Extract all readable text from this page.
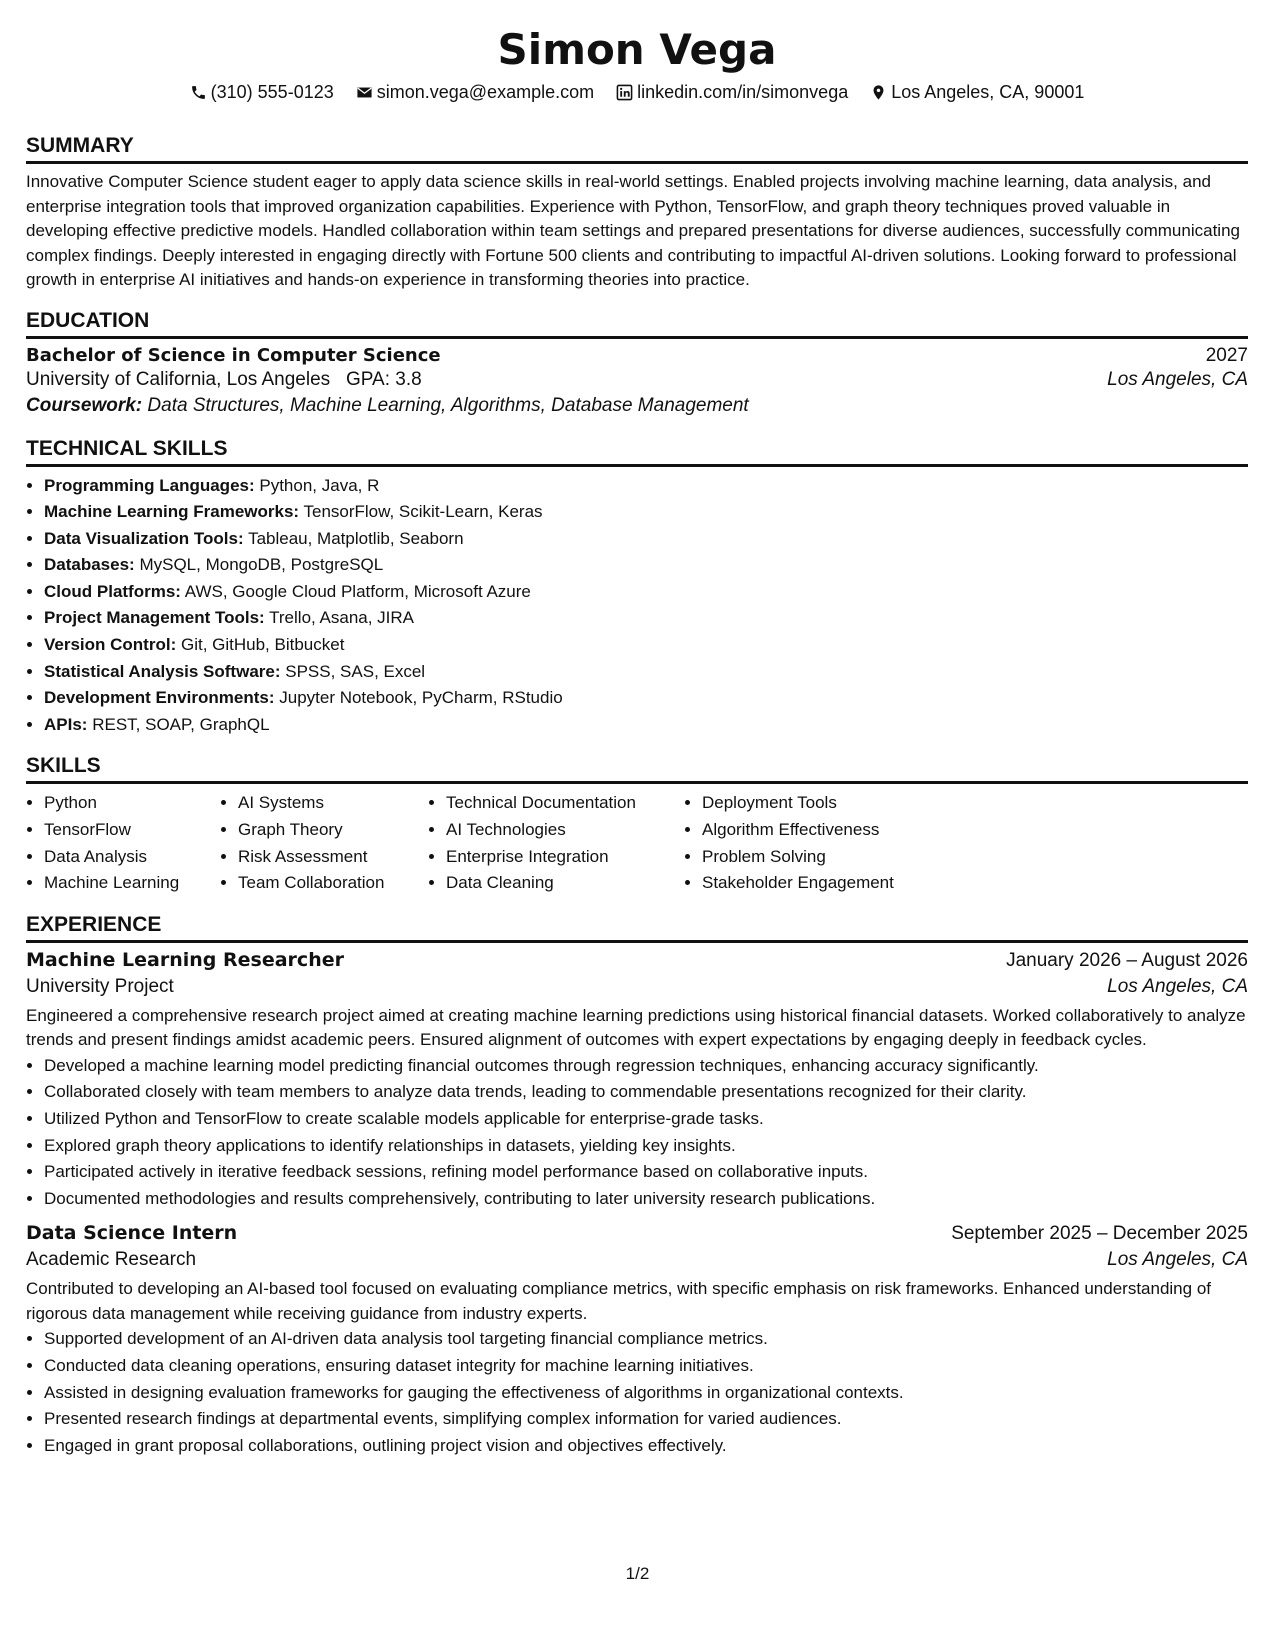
Simon Vega
(310) 555-0123 simon.vega@example.com linkedin.com/in/simonvega Los Angeles, CA, 90001
SUMMARY
Innovative Computer Science student eager to apply data science skills in real-world settings. Enabled projects involving machine learning, data analysis, and enterprise integration tools that improved organization capabilities. Experience with Python, TensorFlow, and graph theory techniques proved valuable in developing effective predictive models. Handled collaboration within team settings and prepared presentations for diverse audiences, successfully communicating complex findings. Deeply interested in engaging directly with Fortune 500 clients and contributing to impactful AI-driven solutions. Looking forward to professional growth in enterprise AI initiatives and hands-on experience in transforming theories into practice.
EDUCATION
Bachelor of Science in Computer Science	2027
University of California, Los Angeles GPA: 3.8	Los Angeles, CA
Coursework: Data Structures, Machine Learning, Algorithms, Database Management
TECHNICAL SKILLS
• Programming Languages: Python, Java, R
• Machine Learning Frameworks: TensorFlow, Scikit-Learn, Keras
• Data Visualization Tools: Tableau, Matplotlib, Seaborn
• Databases: MySQL, MongoDB, PostgreSQL
• Cloud Platforms: AWS, Google Cloud Platform, Microsoft Azure
• Project Management Tools: Trello, Asana, JIRA
• Version Control: Git, GitHub, Bitbucket
• Statistical Analysis Software: SPSS, SAS, Excel
• Development Environments: Jupyter Notebook, PyCharm, RStudio
• APIs: REST, SOAP, GraphQL
SKILLS
• Python
• TensorFlow
• Data Analysis
• Machine Learning
• AI Systems
• Graph Theory
• Risk Assessment
• Team Collaboration
• Technical Documentation
• AI Technologies
• Enterprise Integration
• Data Cleaning
• Deployment Tools
• Algorithm Effectiveness
• Problem Solving
• Stakeholder Engagement
EXPERIENCE
Machine Learning Researcher	January 2026 – August 2026
University Project	Los Angeles, CA
Engineered a comprehensive research project aimed at creating machine learning predictions using historical financial datasets. Worked collaboratively to analyze trends and present findings amidst academic peers. Ensured alignment of outcomes with expert expectations by engaging deeply in feedback cycles.
• Developed a machine learning model predicting financial outcomes through regression techniques, enhancing accuracy significantly.
• Collaborated closely with team members to analyze data trends, leading to commendable presentations recognized for their clarity.
• Utilized Python and TensorFlow to create scalable models applicable for enterprise-grade tasks.
• Explored graph theory applications to identify relationships in datasets, yielding key insights.
• Participated actively in iterative feedback sessions, refining model performance based on collaborative inputs.
• Documented methodologies and results comprehensively, contributing to later university research publications.
Data Science Intern	September 2025 – December 2025
Academic Research	Los Angeles, CA
Contributed to developing an AI-based tool focused on evaluating compliance metrics, with specific emphasis on risk frameworks. Enhanced understanding of rigorous data management while receiving guidance from industry experts.
• Supported development of an AI-driven data analysis tool targeting financial compliance metrics.
• Conducted data cleaning operations, ensuring dataset integrity for machine learning initiatives.
• Assisted in designing evaluation frameworks for gauging the effectiveness of algorithms in organizational contexts.
• Presented research findings at departmental events, simplifying complex information for varied audiences.
• Engaged in grant proposal collaborations, outlining project vision and objectives effectively.
1/2
